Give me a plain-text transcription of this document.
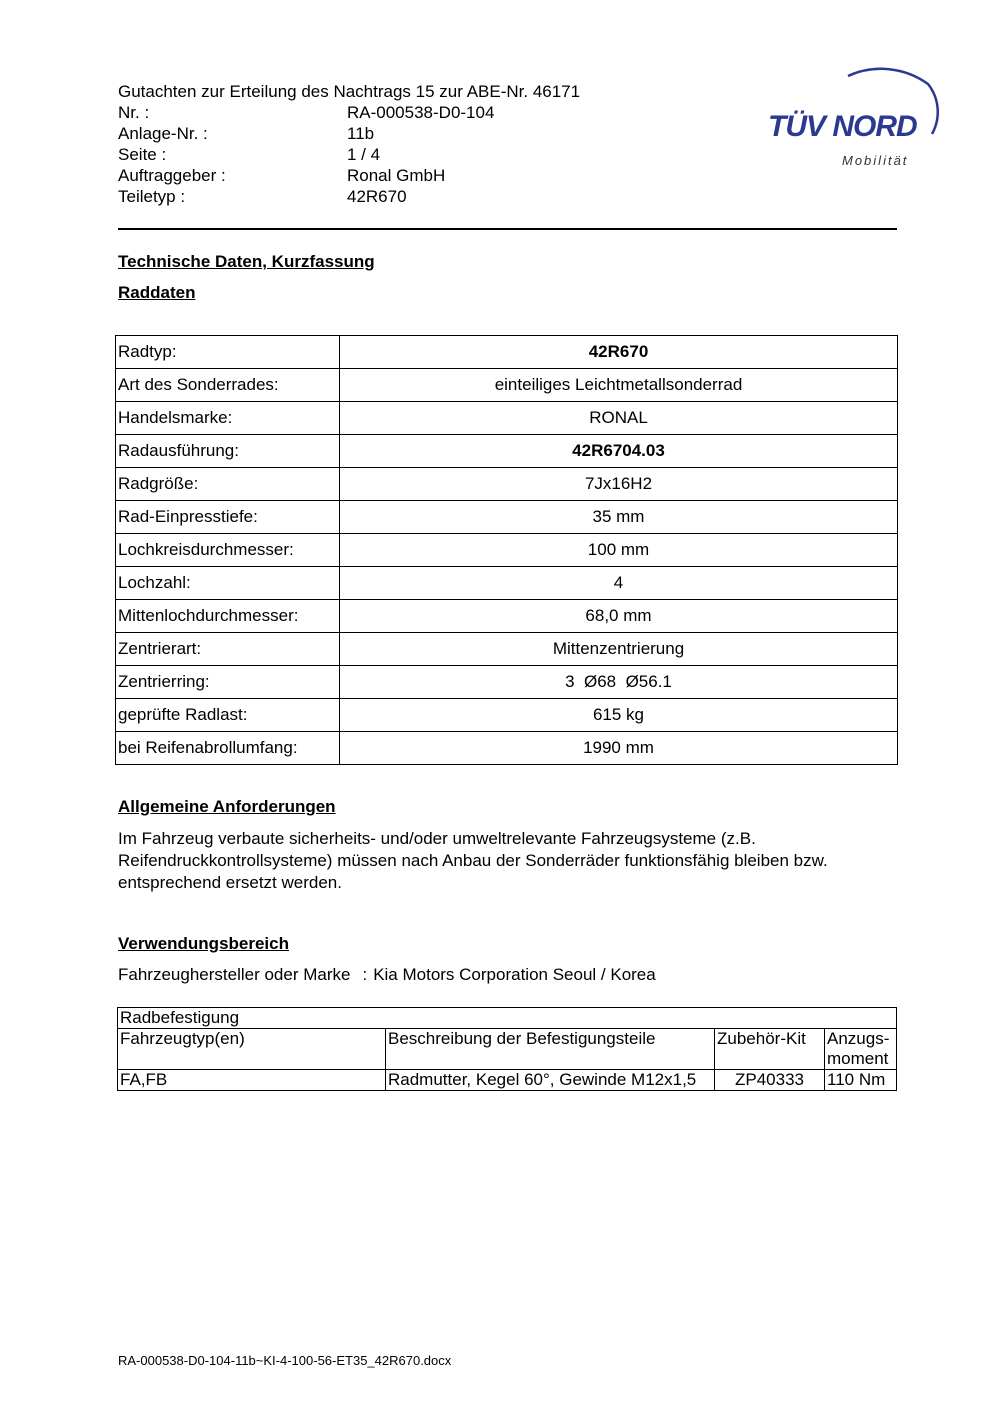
Gutachten zur Erteilung des Nachtrags 15 zur ABE-Nr. 46171
Nr. :	RA-000538-D0-104
Anlage-Nr. :	11b
Seite :	1 / 4
Auftraggeber :	Ronal GmbH
Teiletyp :	42R670
TÜV NORD
Mobilität
Technische Daten, Kurzfassung
Raddaten
Radtyp:	42R670
Art des Sonderrades:	einteiliges Leichtmetallsonderrad
Handelsmarke:	RONAL
Radausführung:	42R6704.03
Radgröße:	7Jx16H2
Rad-Einpresstiefe:	35 mm
Lochkreisdurchmesser:	100 mm
Lochzahl:	4
Mittenlochdurchmesser:	68,0 mm
Zentrierart:	Mittenzentrierung
Zentrierring:	3  Ø68  Ø56.1
geprüfte Radlast:	615 kg
bei Reifenabrollumfang:	1990 mm
Allgemeine Anforderungen
Im Fahrzeug verbaute sicherheits- und/oder umweltrelevante Fahrzeugsysteme (z.B. Reifendruckkontrollsysteme) müssen nach Anbau der Sonderräder funktionsfähig bleiben bzw. entsprechend ersetzt werden.
Verwendungsbereich
Fahrzeughersteller oder Marke : Kia Motors Corporation Seoul / Korea
Radbefestigung			
Fahrzeugtyp(en)	Beschreibung der Befestigungsteile	Zubehör-Kit	Anzugs-
moment
FA,FB	Radmutter, Kegel 60°, Gewinde M12x1,5	ZP40333	110 Nm
RA-000538-D0-104-11b~KI-4-100-56-ET35_42R670.docx
